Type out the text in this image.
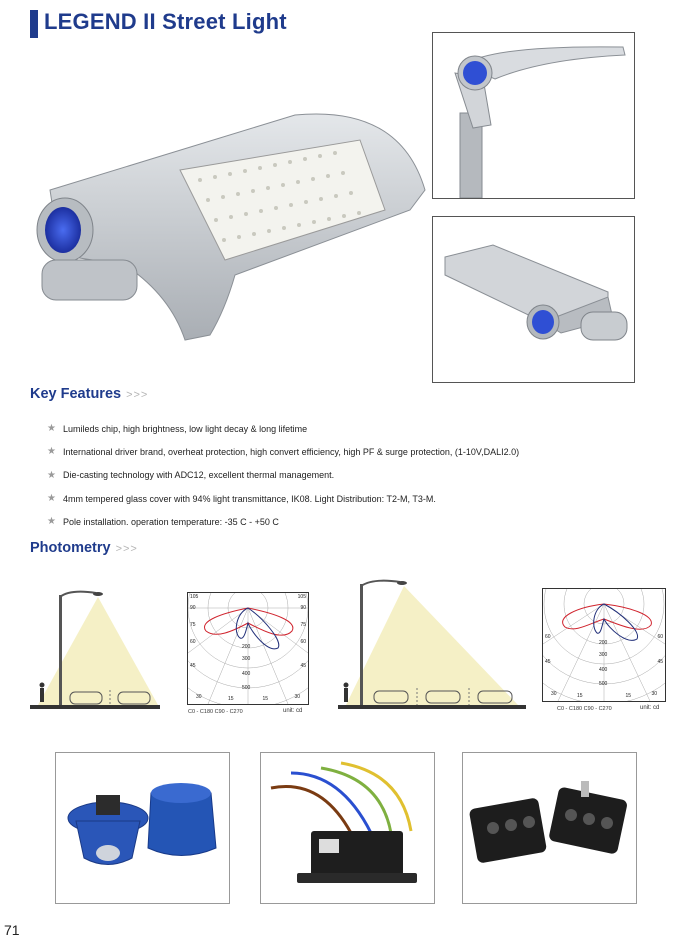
LEGEND II Street Light
Key Features >>>
★ Lumileds chip, high brightness, low light decay & long lifetime
★ International driver brand, overheat protection, high convert efficiency, high PF & surge protection, (1-10V,DALI2.0)
★ Die-casting technology with ADC12, excellent thermal management.
★ 4mm tempered glass cover with 94% light transmittance, IK08. Light Distribution: T2-M, T3-M.
★ Pole installation. operation temperature: -35 C - +50 C
Photometry >>>
105	105
90	90
75	75
60	60
45	45
30	30
15	15
200
300
400
500
C0 - C180 C90 - C270	unit: cd
60	60
45	45
30	30
15	15
200
300
400
500
C0 - C180 C90 - C270	unit: cd
71
